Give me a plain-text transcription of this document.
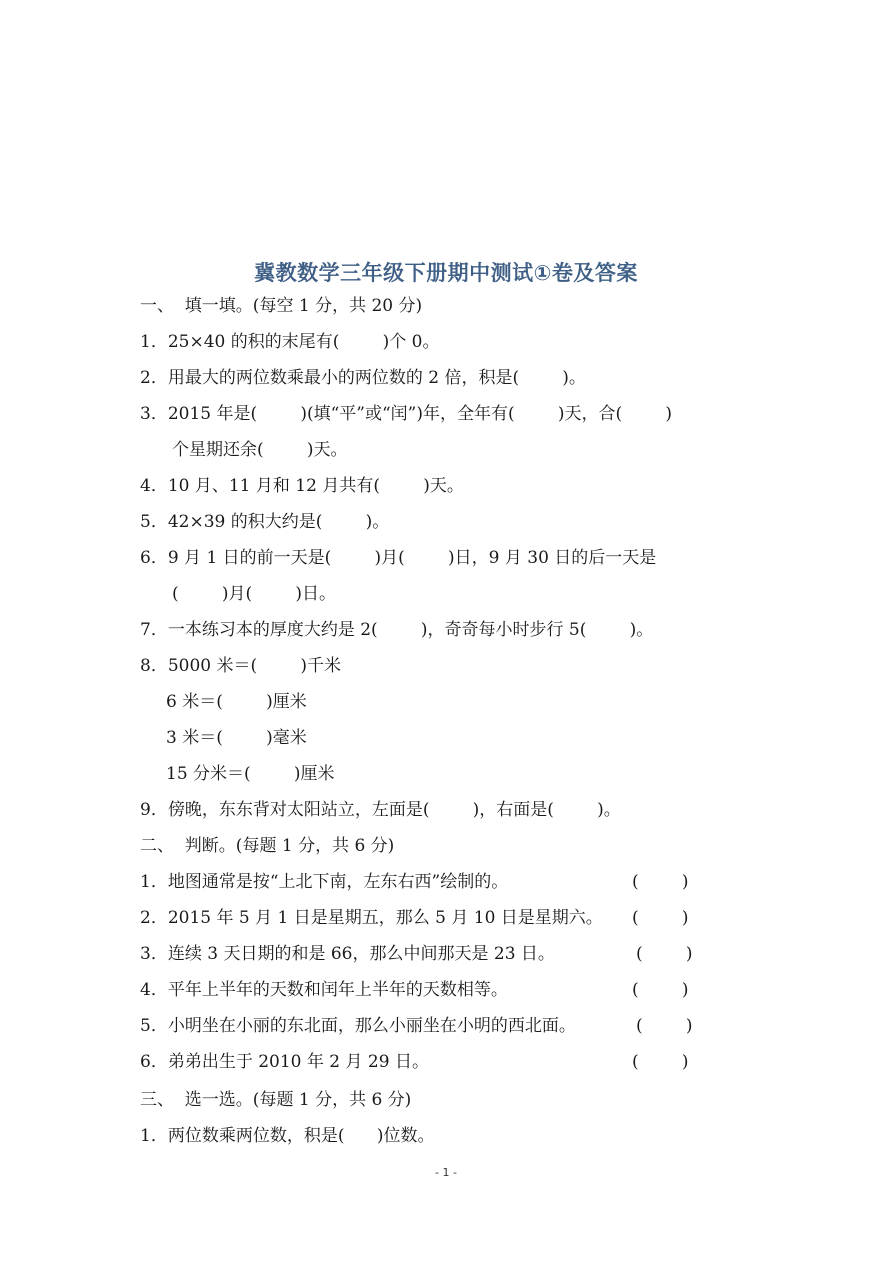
冀教数学三年级下册期中测试①卷及答案
一、  填一填。(每空 1 分，共 20 分)
1．25×40 的积的末尾有(        )个 0。
2．用最大的两位数乘最小的两位数的 2 倍，积是(        )。
3．2015 年是(        )(填“平”或“闰”)年，全年有(        )天，合(        )
个星期还余(        )天。
4．10 月、11 月和 12 月共有(        )天。
5．42×39 的积大约是(        )。
6．9 月 1 日的前一天是(        )月(        )日，9 月 30 日的后一天是
(        )月(        )日。
7．一本练习本的厚度大约是 2(        )，奇奇每小时步行 5(        )。
8．5000 米＝(        )千米
6 米＝(        )厘米
3 米＝(        )毫米
15 分米＝(        )厘米
9．傍晚，东东背对太阳站立，左面是(        )，右面是(        )。
二、  判断。(每题 1 分，共 6 分)
1．地图通常是按“上北下南，左东右西”绘制的。	(        )
2．2015 年 5 月 1 日是星期五，那么 5 月 10 日是星期六。 (        )
3．连续 3 天日期的和是 66，那么中间那天是 23 日。	(        )
4．平年上半年的天数和闰年上半年的天数相等。	(        )
5．小明坐在小丽的东北面，那么小丽坐在小明的西北面。	(        )
6．弟弟出生于 2010 年 2 月 29 日。	(        )
三、  选一选。(每题 1 分，共 6 分)
1．两位数乘两位数，积是(      )位数。
- 1 -
